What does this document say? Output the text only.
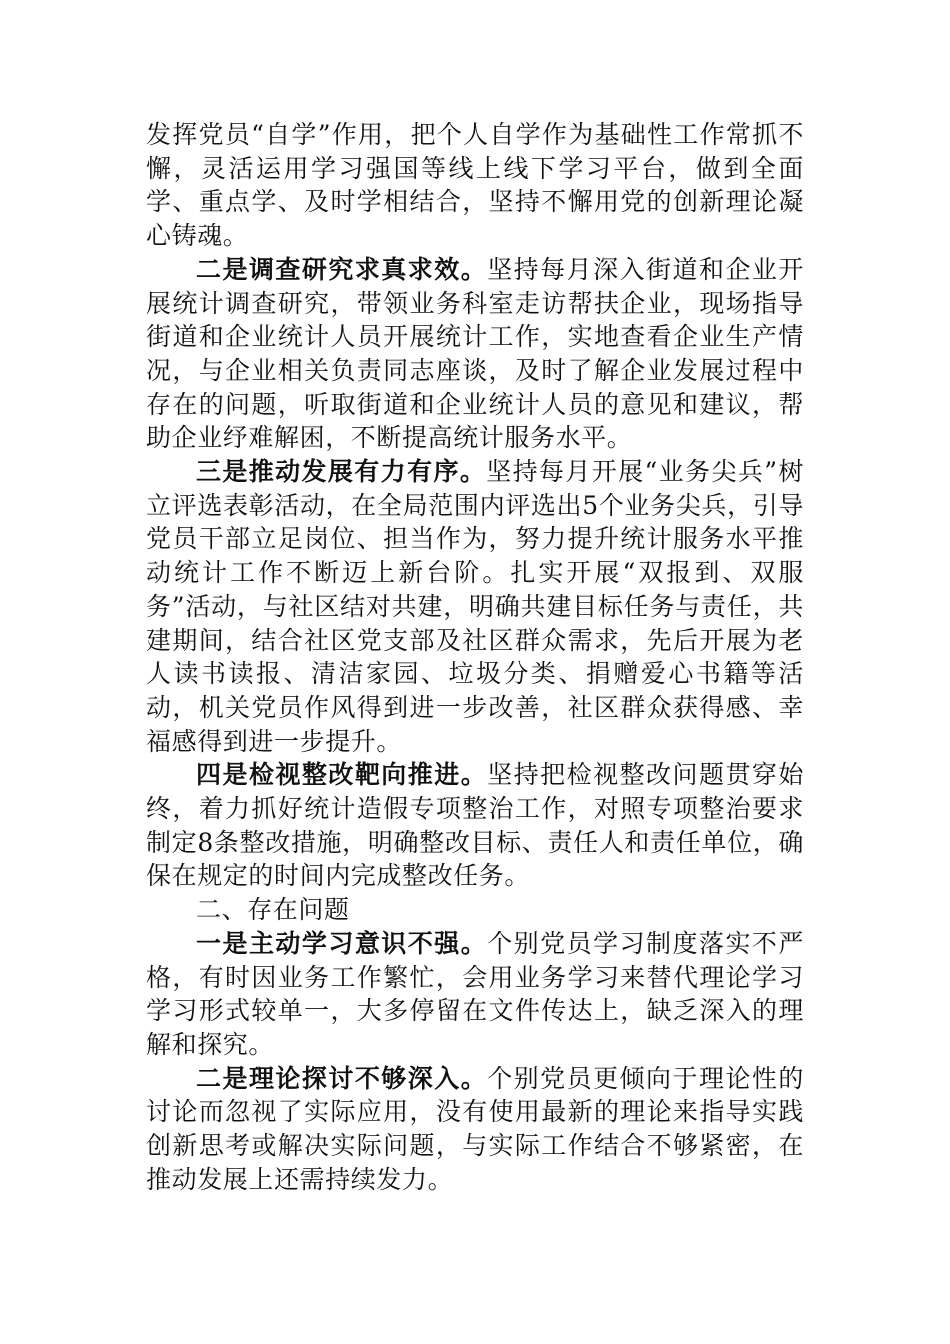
发挥党员“自学”作用，把个人自学作为基础性工作常抓不懈，灵活运用学习强国等线上线下学习平台，做到全面学、重点学、及时学相结合，坚持不懈用党的创新理论凝心铸魂。

二是调查研究求真求效。坚持每月深入街道和企业开展统计调查研究，带领业务科室走访帮扶企业，现场指导街道和企业统计人员开展统计工作，实地查看企业生产情况，与企业相关负责同志座谈，及时了解企业发展过程中存在的问题，听取街道和企业统计人员的意见和建议，帮助企业纾难解困，不断提高统计服务水平。

三是推动发展有力有序。坚持每月开展“业务尖兵”树立评选表彰活动，在全局范围内评选出5个业务尖兵，引导党员干部立足岗位、担当作为，努力提升统计服务水平推动统计工作不断迈上新台阶。扎实开展“双报到、双服务”活动，与社区结对共建，明确共建目标任务与责任，共建期间，结合社区党支部及社区群众需求，先后开展为老人读书读报、清洁家园、垃圾分类、捐赠爱心书籍等活动，机关党员作风得到进一步改善，社区群众获得感、幸福感得到进一步提升。

四是检视整改靶向推进。坚持把检视整改问题贯穿始终，着力抓好统计造假专项整治工作，对照专项整治要求制定8条整改措施，明确整改目标、责任人和责任单位，确保在规定的时间内完成整改任务。

二、存在问题

一是主动学习意识不强。个别党员学习制度落实不严格，有时因业务工作繁忙，会用业务学习来替代理论学习学习形式较单一，大多停留在文件传达上，缺乏深入的理解和探究。

二是理论探讨不够深入。个别党员更倾向于理论性的讨论而忽视了实际应用，没有使用最新的理论来指导实践创新思考或解决实际问题，与实际工作结合不够紧密，在推动发展上还需持续发力。
